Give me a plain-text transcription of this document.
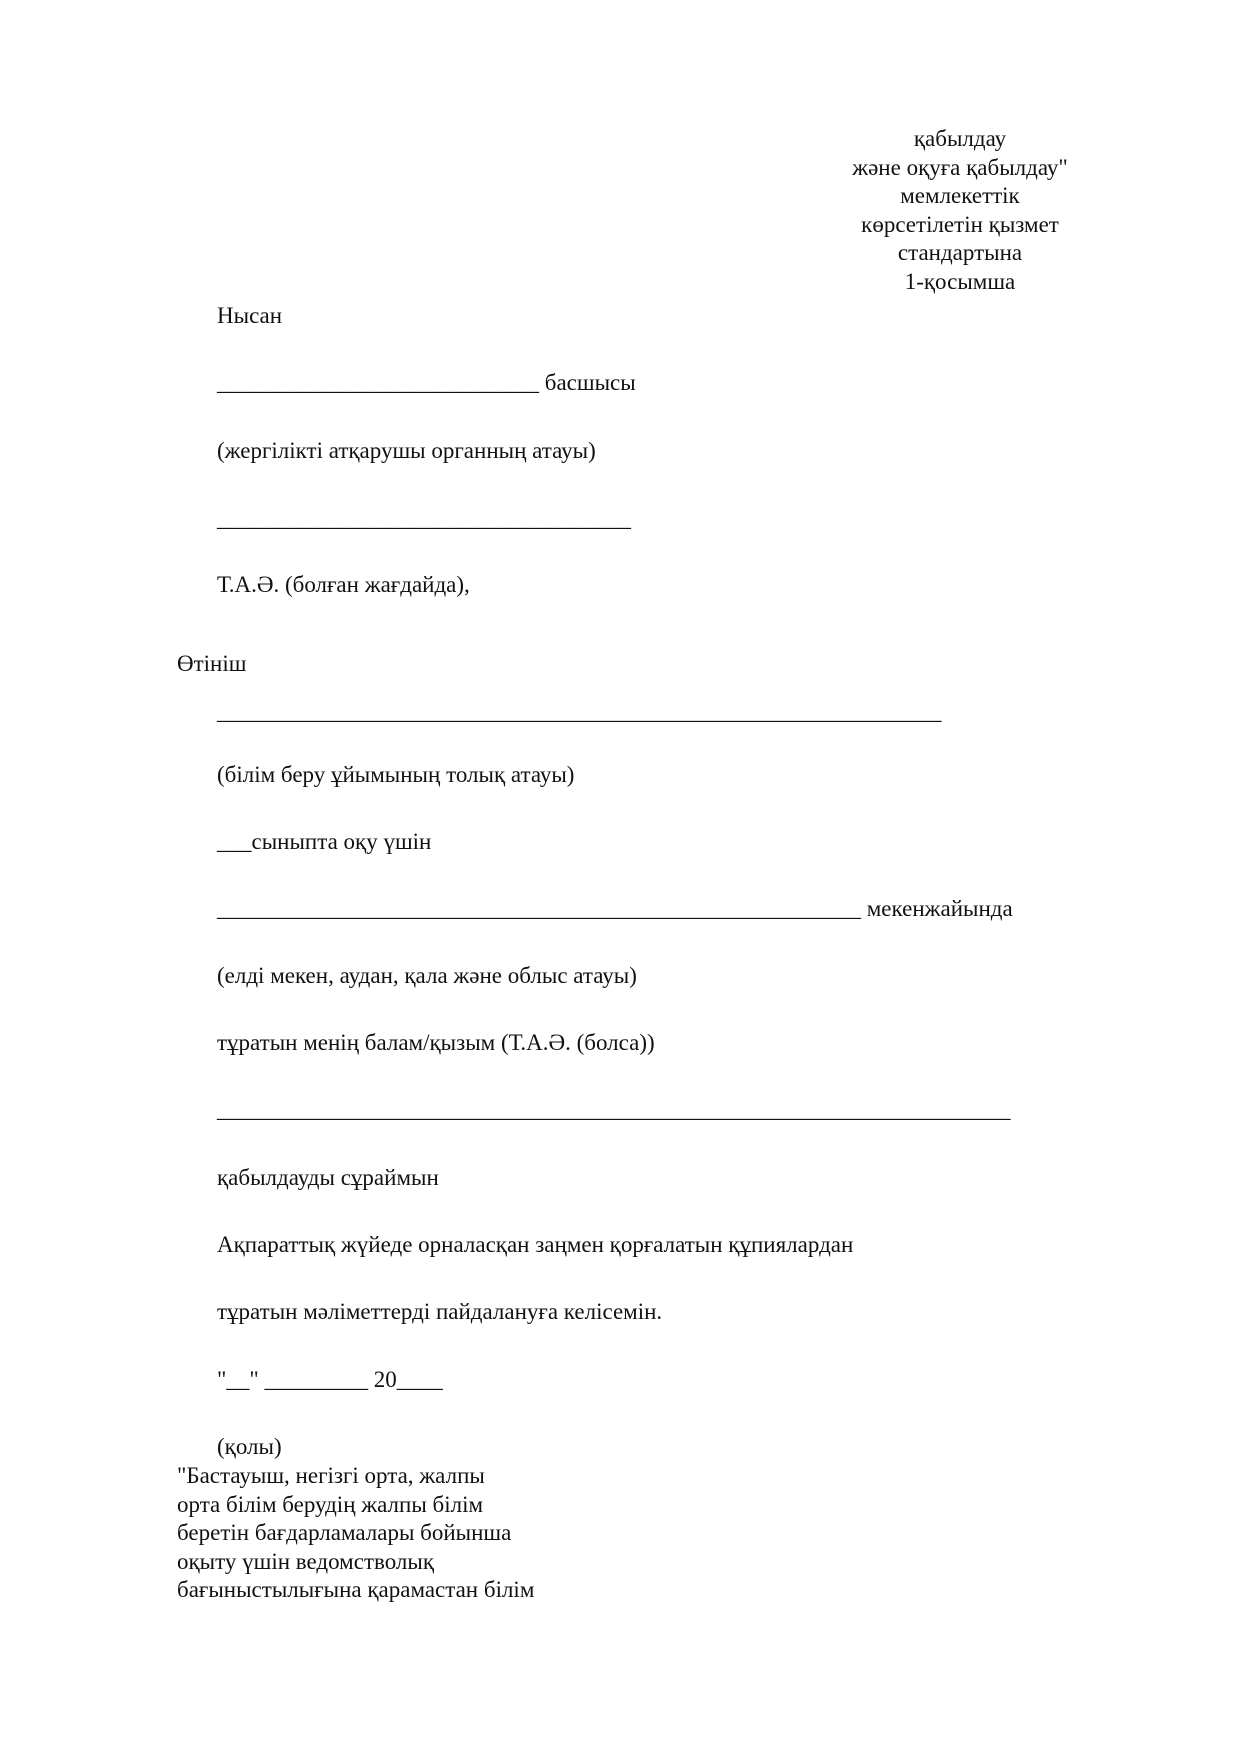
қабылдау
және оқуға қабылдау"
мемлекеттік
көрсетілетін қызмет
стандартына
1-қосымша
Нысан
____________________________ басшысы
(жергілікті атқарушы органның атауы)
____________________________________
Т.А.Ә. (болған жағдайда),
Өтініш
_______________________________________________________________
(білім беру ұйымының толық атауы)
___сыныпта оқу үшін
________________________________________________________ мекенжайында
(елді мекен, аудан, қала және облыс атауы)
тұратын менің балам/қызым (Т.А.Ә. (болса))
_____________________________________________________________________
қабылдауды сұраймын
Ақпараттық жүйеде орналасқан заңмен қорғалатын құпиялардан
тұратын мәліметтерді пайдалануға келісемін.
"__" _________ 20____
(қолы)
"Бастауыш, негізгі орта, жалпы
орта білім берудің жалпы білім
беретін бағдарламалары бойынша
оқыту үшін ведомстволық
бағыныстылығына қарамастан білім
